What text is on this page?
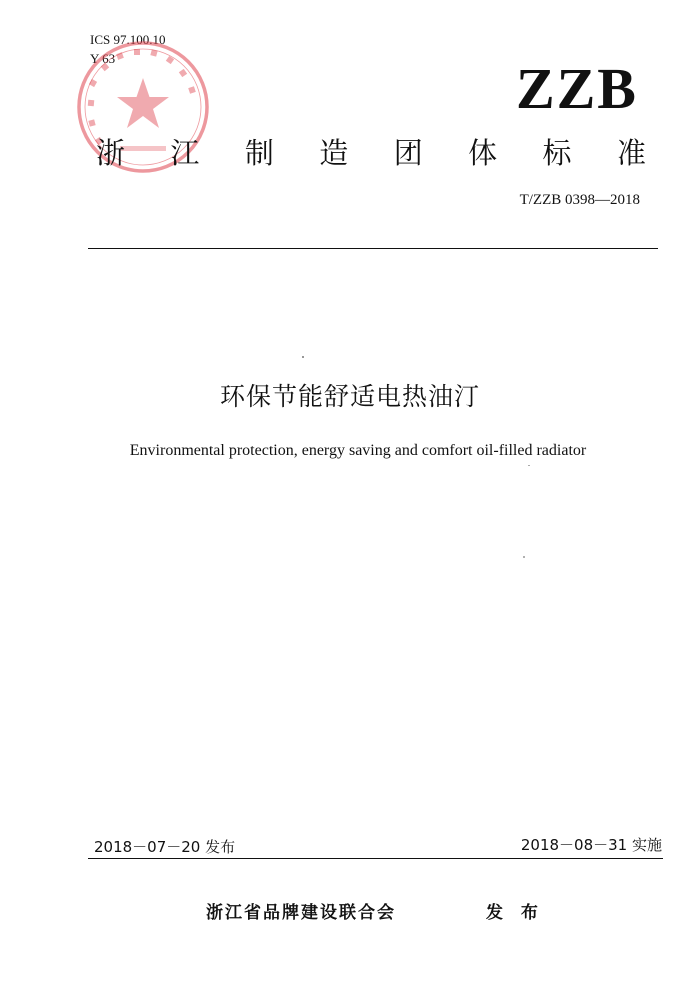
ICS 97.100.10
Y 63	ZZB
浙 江 制 造 团 体 标 准
T/ZZB 0398—2018
环保节能舒适电热油汀
Environmental protection, energy saving and comfort oil-filled radiator
2018－07－20 发布	2018－08－31 实施
浙江省品牌建设联合会	发 布
